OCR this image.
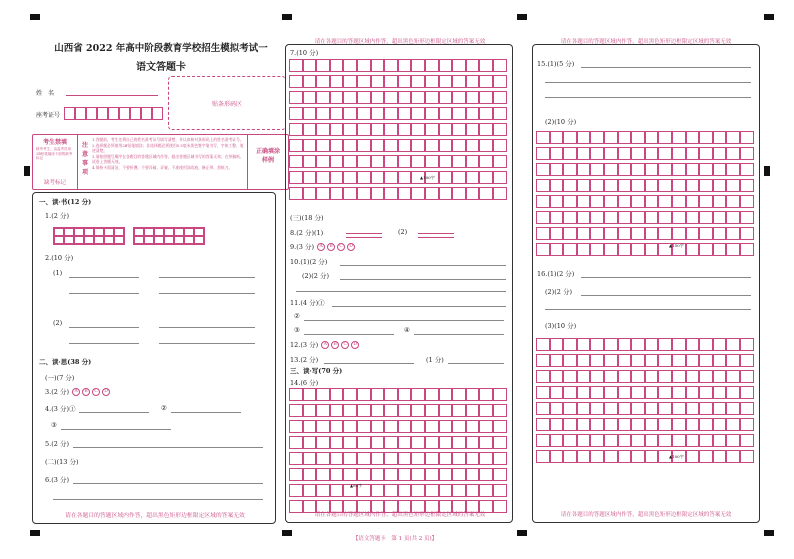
山西省 2022 年高中阶段教育学校招生模拟考试一
语文答题卡
姓　名
座考证号
贴条形码区
考生禁填
缺考考生，由监考员用2B铅笔填涂下面的缺考标记
缺考标记
注
意
事
项
1.答题前，考生先将自己的姓名准考证号填写清楚，并认真核对条形码上的姓名准考证号。
2.选择题必须使用2B铅笔填涂；非选择题必须使用0.5毫米黑色签字笔书写，字体工整、笔迹清楚。
3.请按照题号顺序在各题目的答题区域内作答，超出答题区域书写的答案无效；在草稿纸、试卷上答题无效。
4.保持卡面清洁，不要折叠、不要弄破、弄皱，不准使用涂改液、修正带、刮纸刀。
正确填涂样例
一、读·书(12 分)
1.(2 分)
2.(10 分)
(1)
(2)
二、读·思(38 分)
(一)(7 分)
3.(2 分) A B C D
4.(3 分)①	②
③
5.(2 分)
(二)(13 分)
6.(3 分)
请在各题目的答题区域内作答，超出黑色矩形边框限定区域的答案无效
请在各题目的答题区域内作答，超出黑色矩形边框限定区域的答案无效
7.(10 分)
▲100字
(三)(18 分)
8.(2 分)(1)	(2)
9.(3 分) A B C D
10.(1)(2 分)
(2)(2 分)
11.(4 分)①
②
③	④
12.(3 分) A B C D
13.(2 分)	(1 分)
三、读·写(70 分)
14.(6 分)
▲80字
请在各题目的答题区域内作答，超出黑色矩形边框限定区域的答案无效
请在各题目的答题区域内作答，超出黑色矩形边框限定区域的答案无效
15.(1)(5 分)
(2)(10 分)
▲150字
16.(1)(2 分)
(2)(2 分)
(3)(10 分)
▲100字
请在各题目的答题区域内作答，超出黑色矩形边框限定区域的答案无效
【语文答题卡　第 1 页(共 2 页)】
